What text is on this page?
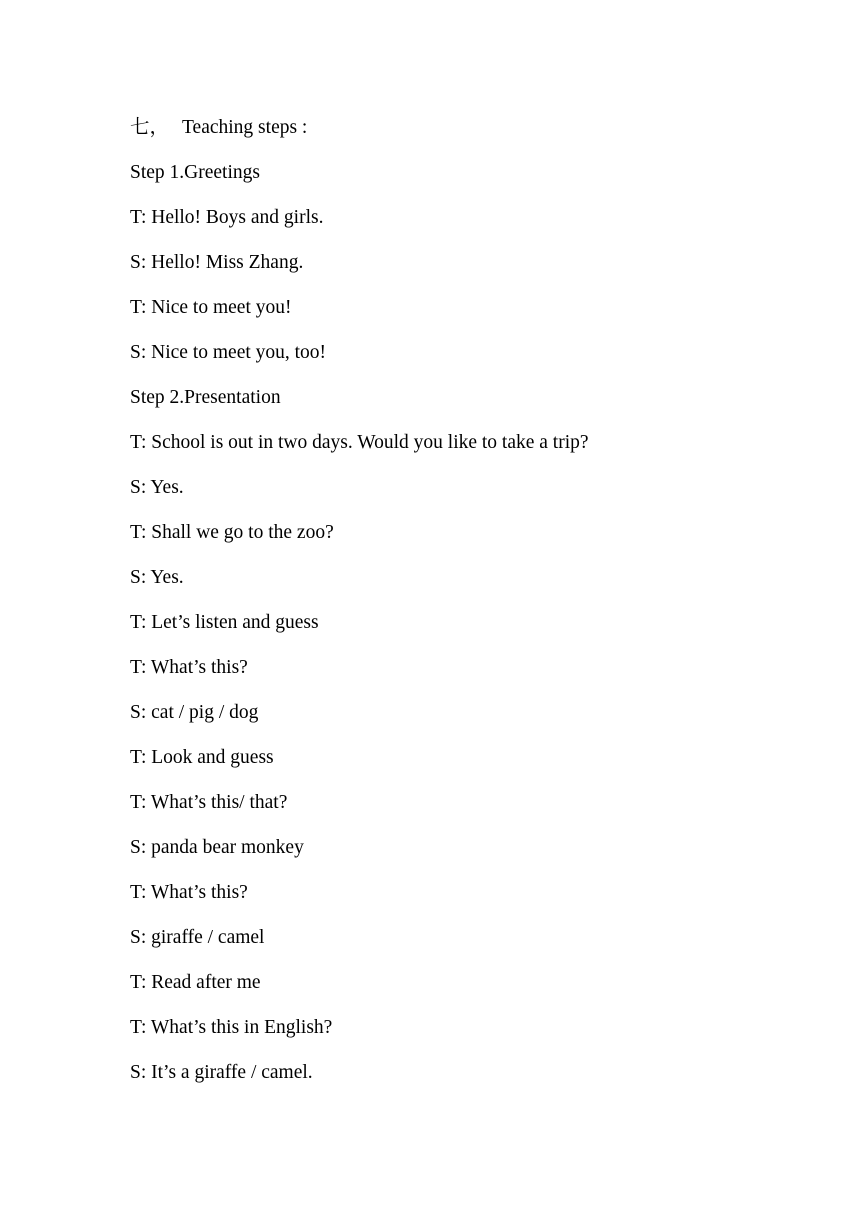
七， Teaching steps :
Step 1.Greetings
T: Hello! Boys and girls.
S: Hello! Miss Zhang.
T: Nice to meet you!
S: Nice to meet you, too!
Step 2.Presentation
T: School is out in two days. Would you like to take a trip?
S: Yes.
T: Shall we go to the zoo?
S: Yes.
T: Let’s listen and guess
T: What’s this?
S: cat / pig / dog
T: Look and guess
T: What’s this/ that?
S: panda bear monkey
T: What’s this?
S: giraffe / camel
T: Read after me
T: What’s this in English?
S: It’s a giraffe / camel.
